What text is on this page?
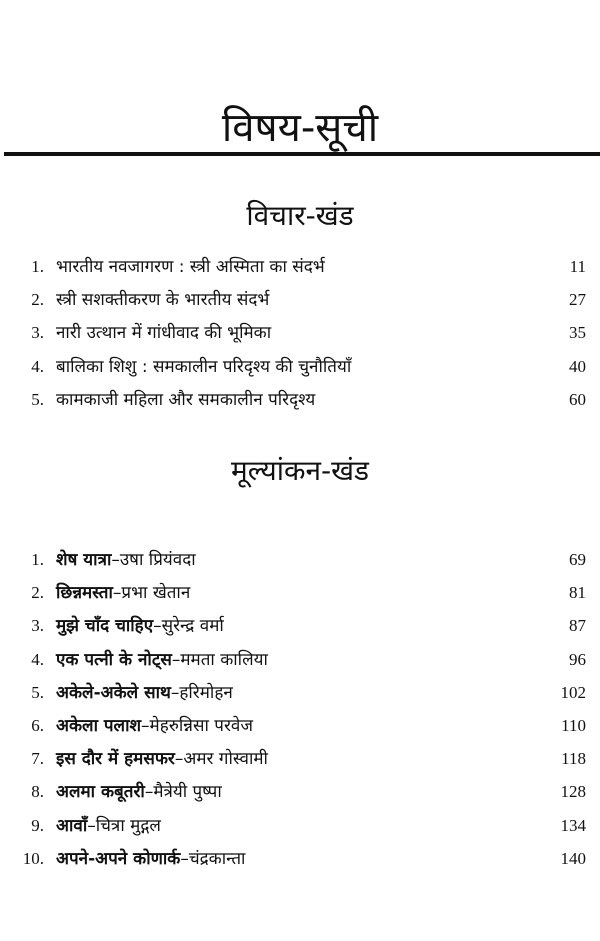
विषय-सूची
विचार-खंड
1. भारतीय नवजागरण : स्त्री अस्मिता का संदर्भ	11
2. स्त्री सशक्तीकरण के भारतीय संदर्भ	27
3. नारी उत्थान में गांधीवाद की भूमिका	35
4. बालिका शिशु : समकालीन परिदृश्य की चुनौतियाँ	40
5. कामकाजी महिला और समकालीन परिदृश्य	60
मूल्यांकन-खंड
1. शेष यात्रा–उषा प्रियंवदा	69
2. छिन्नमस्ता–प्रभा खेतान	81
3. मुझे चाँद चाहिए–सुरेन्द्र वर्मा	87
4. एक पत्नी के नोट्स–ममता कालिया	96
5. अकेले-अकेले साथ–हरिमोहन	102
6. अकेला पलाश–मेहरुन्निसा परवेज	110
7. इस दौर में हमसफर–अमर गोस्वामी	118
8. अलमा कबूतरी–मैत्रेयी पुष्पा	128
9. आवाँ–चित्रा मुद्गल	134
10. अपने-अपने कोणार्क–चंद्रकान्ता	140
